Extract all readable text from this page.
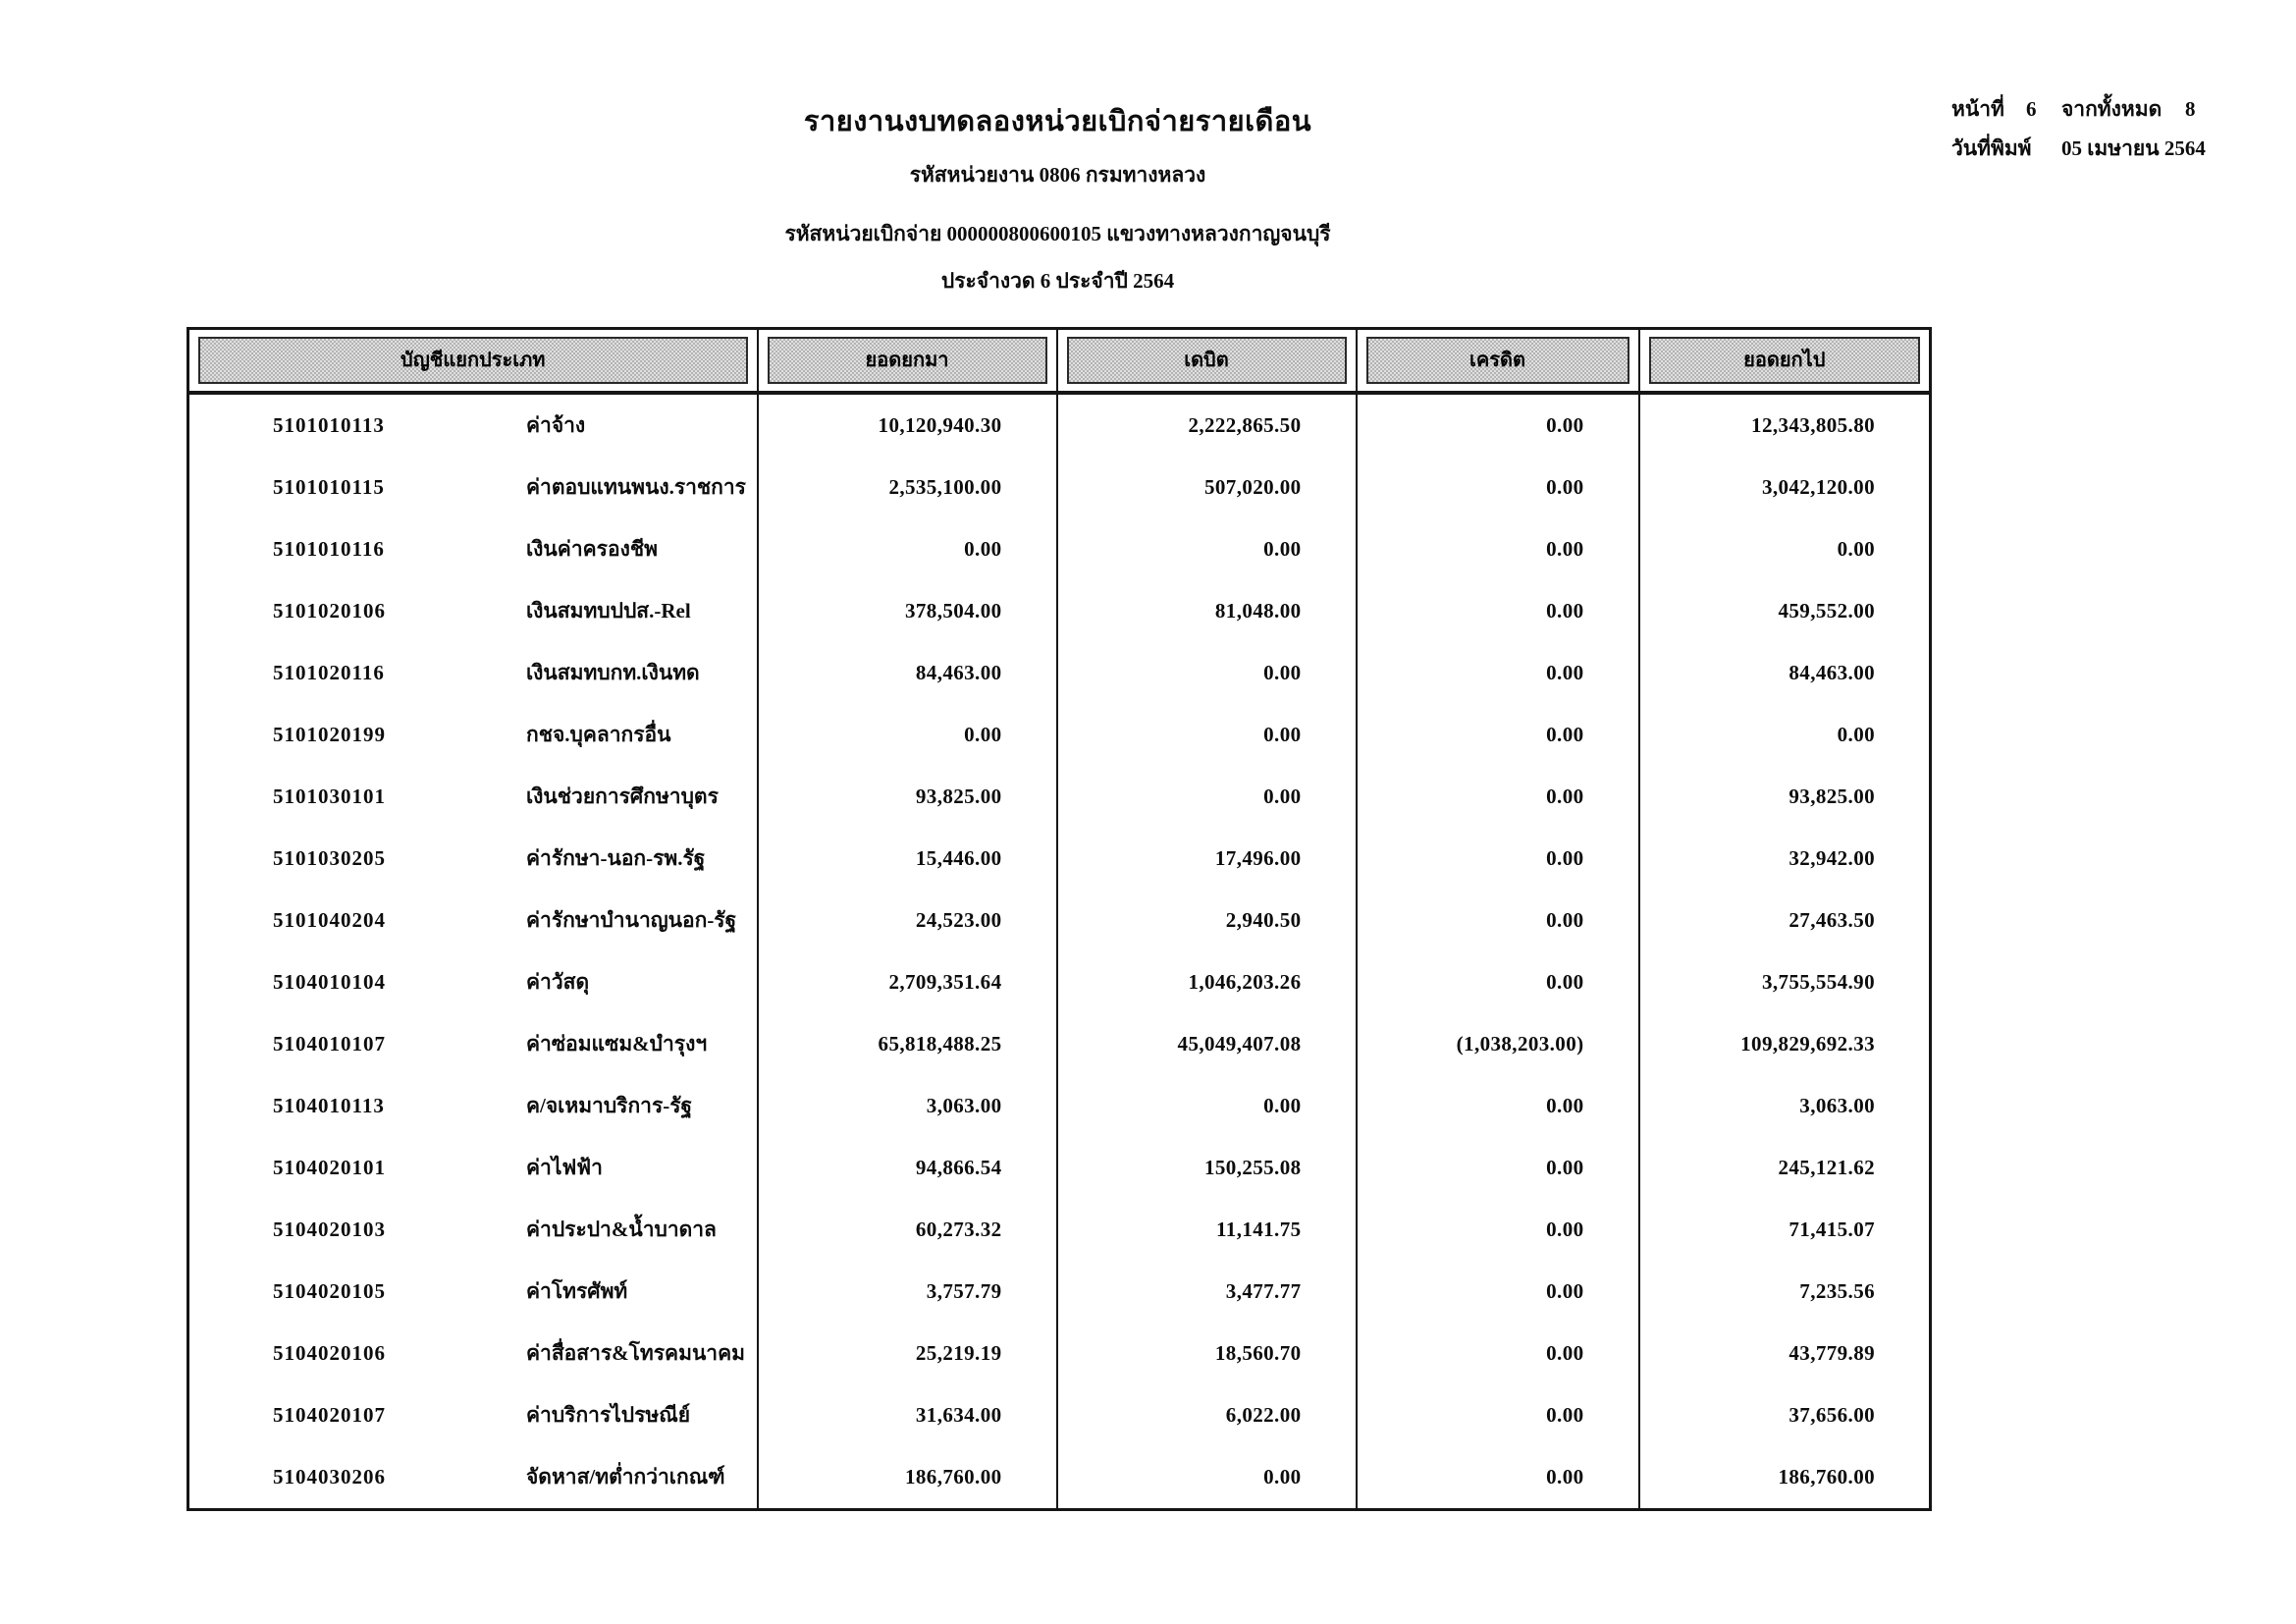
หน้าที่	6	จากทั้งหมด	8
วันที่พิมพ์	05 เมษายน 2564
รายงานงบทดลองหน่วยเบิกจ่ายรายเดือน
รหัสหน่วยงาน 0806 กรมทางหลวง
รหัสหน่วยเบิกจ่าย 000000800600105 แขวงทางหลวงกาญจนบุรี
ประจำงวด 6 ประจำปี 2564
บัญชีแยกประเภท	ยอดยกมา	เดบิต	เครดิต	ยอดยกไป

5101010113 ค่าจ้าง	10,120,940.30	2,222,865.50	0.00	12,343,805.80
5101010115 ค่าตอบแทนพนง.ราชการ	2,535,100.00	507,020.00	0.00	3,042,120.00
5101010116 เงินค่าครองชีพ	0.00	0.00	0.00	0.00
5101020106 เงินสมทบปปส.-Rel	378,504.00	81,048.00	0.00	459,552.00
5101020116 เงินสมทบกท.เงินทด	84,463.00	0.00	0.00	84,463.00
5101020199 กชจ.บุคลากรอื่น	0.00	0.00	0.00	0.00
5101030101 เงินช่วยการศึกษาบุตร	93,825.00	0.00	0.00	93,825.00
5101030205 ค่ารักษา-นอก-รพ.รัฐ	15,446.00	17,496.00	0.00	32,942.00
5101040204 ค่ารักษาบำนาญนอก-รัฐ	24,523.00	2,940.50	0.00	27,463.50
5104010104 ค่าวัสดุ	2,709,351.64	1,046,203.26	0.00	3,755,554.90
5104010107 ค่าซ่อมแซม&บำรุงฯ	65,818,488.25	45,049,407.08	(1,038,203.00)	109,829,692.33
5104010113 ค/จเหมาบริการ-รัฐ	3,063.00	0.00	0.00	3,063.00
5104020101 ค่าไฟฟ้า	94,866.54	150,255.08	0.00	245,121.62
5104020103 ค่าประปา&น้ำบาดาล	60,273.32	11,141.75	0.00	71,415.07
5104020105 ค่าโทรศัพท์	3,757.79	3,477.77	0.00	7,235.56
5104020106 ค่าสื่อสาร&โทรคมนาคม	25,219.19	18,560.70	0.00	43,779.89
5104020107 ค่าบริการไปรษณีย์	31,634.00	6,022.00	0.00	37,656.00
5104030206 จัดหาส/ทต่ำกว่าเกณฑ์	186,760.00	0.00	0.00	186,760.00
